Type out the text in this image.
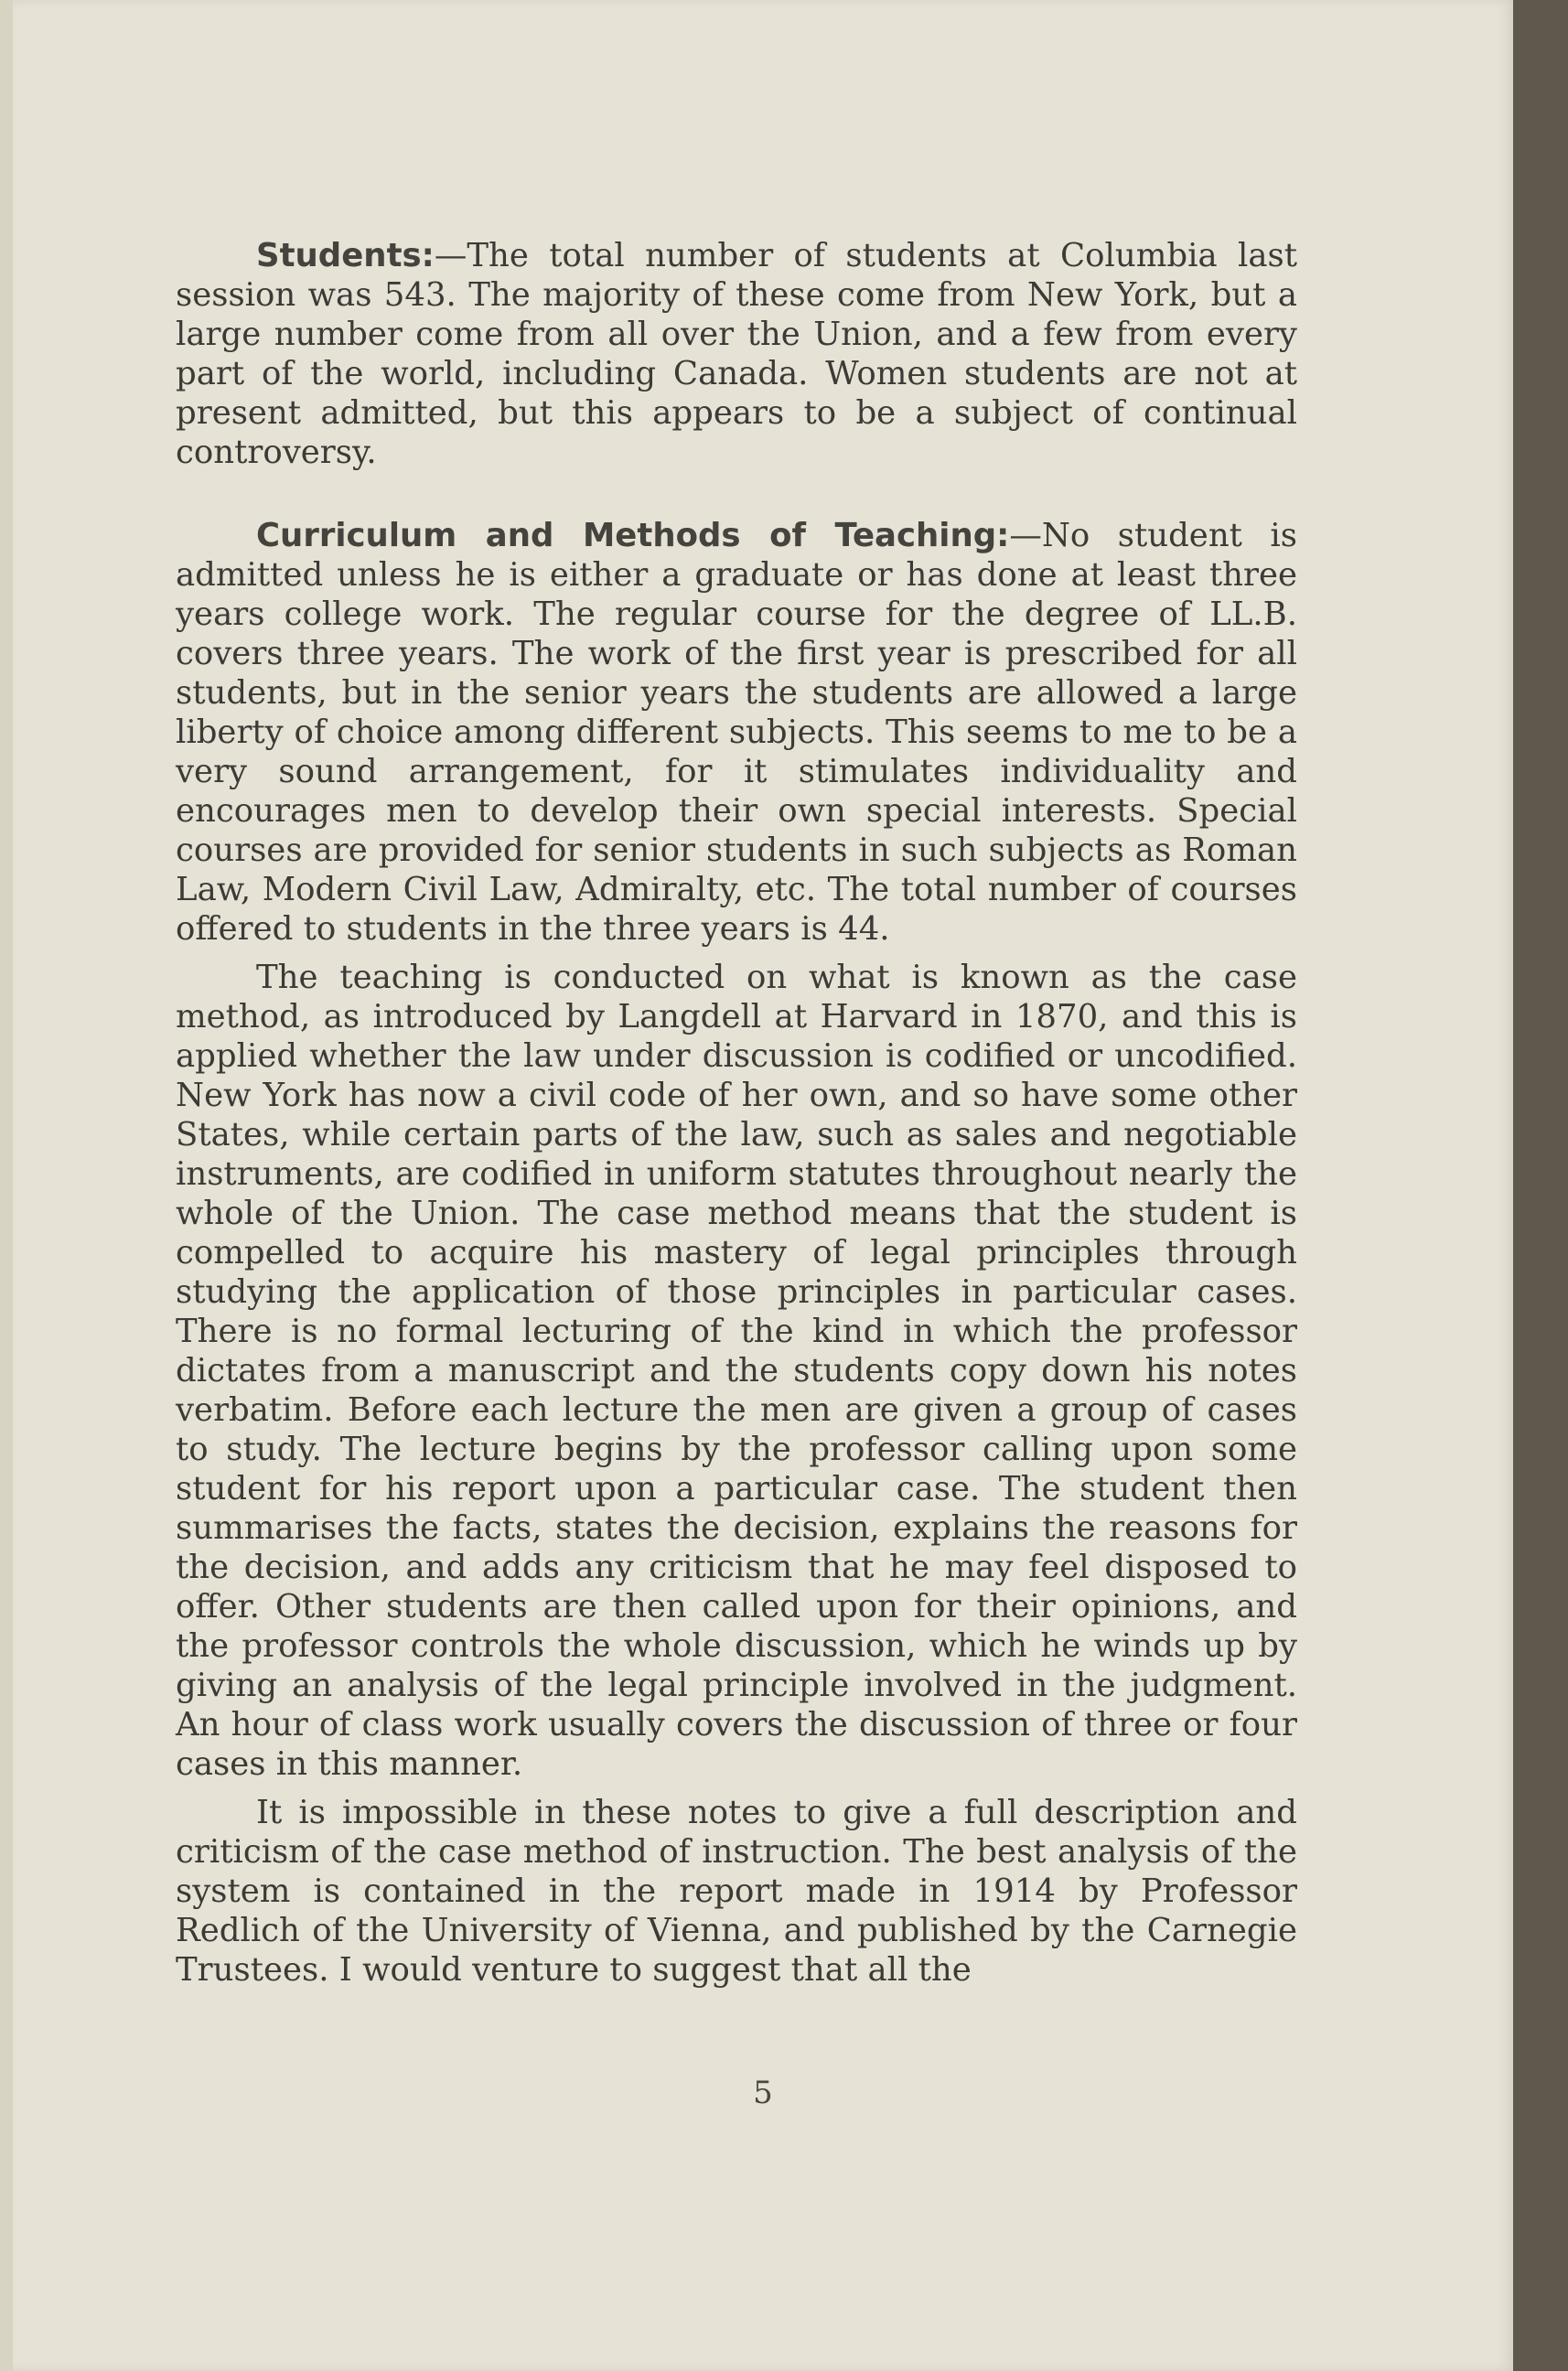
Students:—The total number of students at Columbia last session was 543. The majority of these come from New York, but a large number come from all over the Union, and a few from every part of the world, including Canada. Women students are not at present admitted, but this appears to be a subject of continual controversy.

Curriculum and Methods of Teaching:—No student is admitted unless he is either a graduate or has done at least three years college work. The regular course for the degree of LL.B. covers three years. The work of the first year is prescribed for all students, but in the senior years the students are allowed a large liberty of choice among different subjects. This seems to me to be a very sound arrangement, for it stimulates individuality and encourages men to develop their own special interests. Special courses are provided for senior students in such subjects as Roman Law, Modern Civil Law, Admiralty, etc. The total number of courses offered to students in the three years is 44.

The teaching is conducted on what is known as the case method, as introduced by Langdell at Harvard in 1870, and this is applied whether the law under discussion is codified or uncodified. New York has now a civil code of her own, and so have some other States, while certain parts of the law, such as sales and negotiable instruments, are codified in uniform statutes throughout nearly the whole of the Union. The case method means that the student is compelled to acquire his mastery of legal principles through studying the application of those principles in particular cases. There is no formal lecturing of the kind in which the professor dictates from a manuscript and the students copy down his notes verbatim. Before each lecture the men are given a group of cases to study. The lecture begins by the professor calling upon some student for his report upon a particular case. The student then summarises the facts, states the decision, explains the reasons for the decision, and adds any criticism that he may feel disposed to offer. Other students are then called upon for their opinions, and the professor controls the whole discussion, which he winds up by giving an analysis of the legal principle involved in the judgment. An hour of class work usually covers the discussion of three or four cases in this manner.

It is impossible in these notes to give a full description and criticism of the case method of instruction. The best analysis of the system is contained in the report made in 1914 by Professor Redlich of the University of Vienna, and published by the Carnegie Trustees. I would venture to suggest that all the

5
